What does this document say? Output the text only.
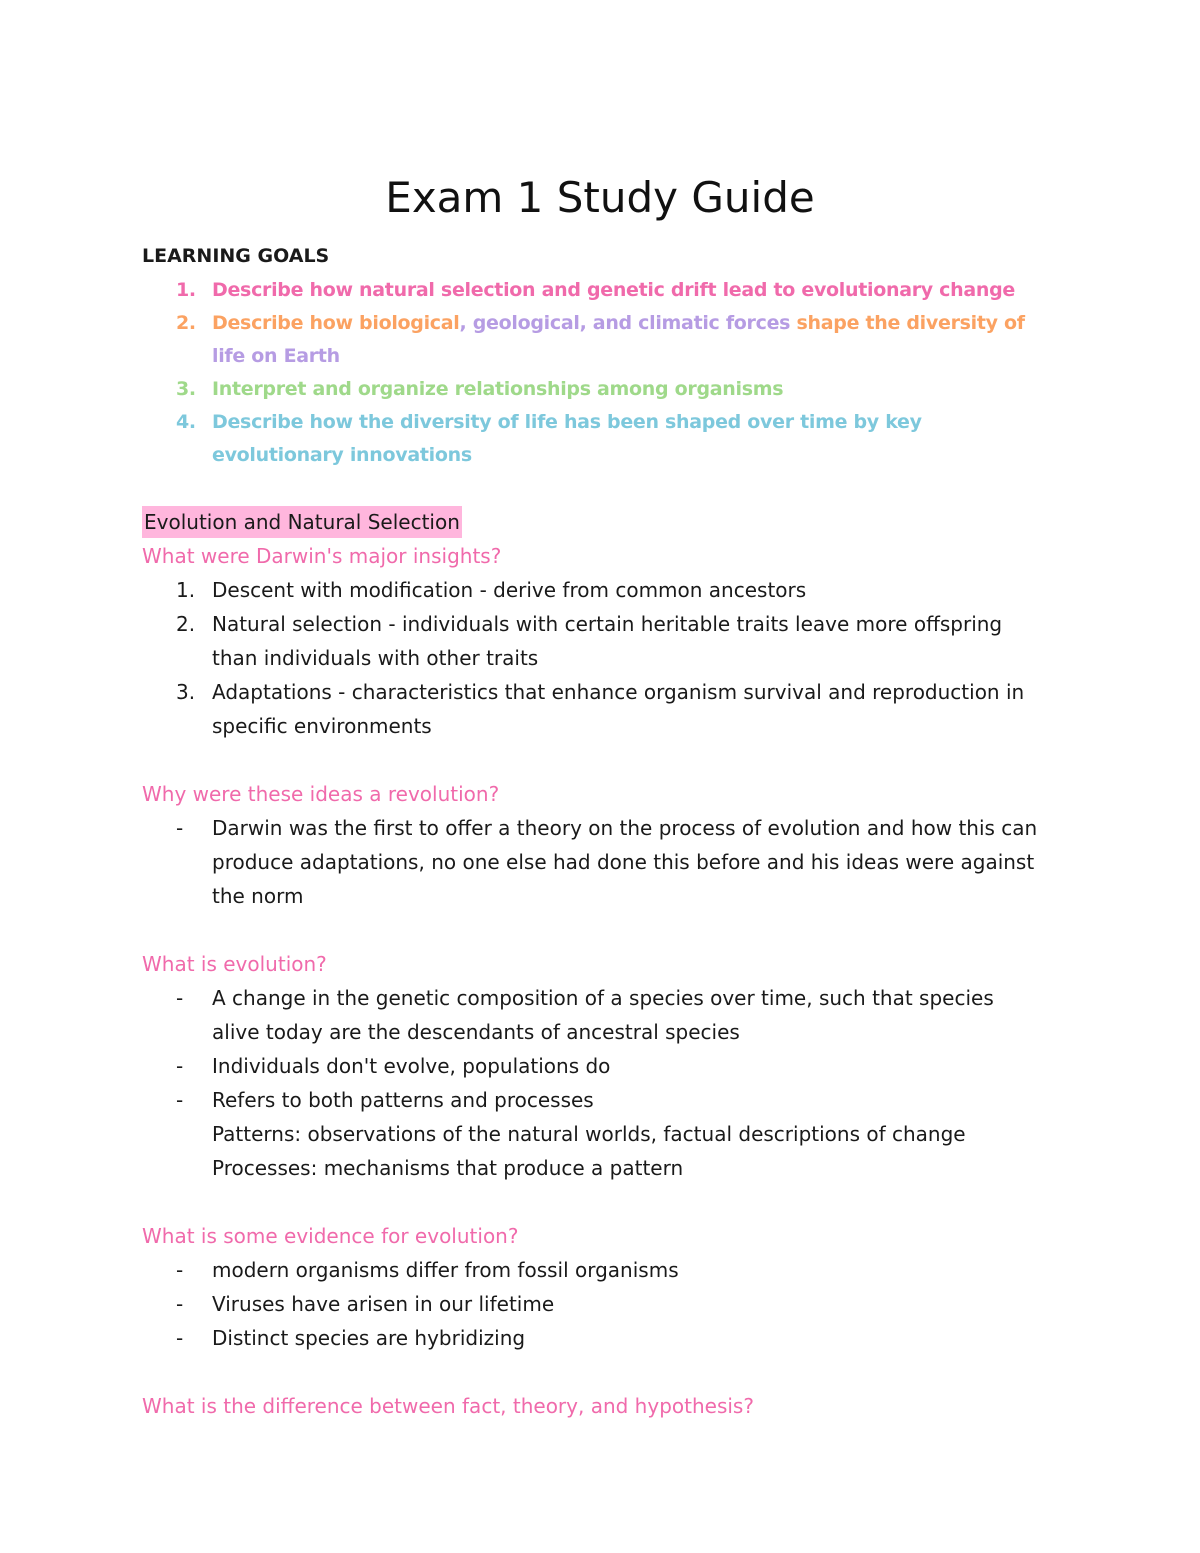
Exam 1 Study Guide
LEARNING GOALS
1. Describe how natural selection and genetic drift lead to evolutionary change
2. Describe how biological, geological, and climatic forces shape the diversity of life on Earth
3. Interpret and organize relationships among organisms
4. Describe how the diversity of life has been shaped over time by key evolutionary innovations
Evolution and Natural Selection
What were Darwin's major insights?
1. Descent with modification - derive from common ancestors
2. Natural selection - individuals with certain heritable traits leave more offspring than individuals with other traits
3. Adaptations - characteristics that enhance organism survival and reproduction in specific environments
Why were these ideas a revolution?
- Darwin was the first to offer a theory on the process of evolution and how this can produce adaptations, no one else had done this before and his ideas were against the norm
What is evolution?
- A change in the genetic composition of a species over time, such that species alive today are the descendants of ancestral species
- Individuals don't evolve, populations do
- Refers to both patterns and processes
Patterns: observations of the natural worlds, factual descriptions of change
Processes: mechanisms that produce a pattern
What is some evidence for evolution?
- modern organisms differ from fossil organisms
- Viruses have arisen in our lifetime
- Distinct species are hybridizing
What is the difference between fact, theory, and hypothesis?
